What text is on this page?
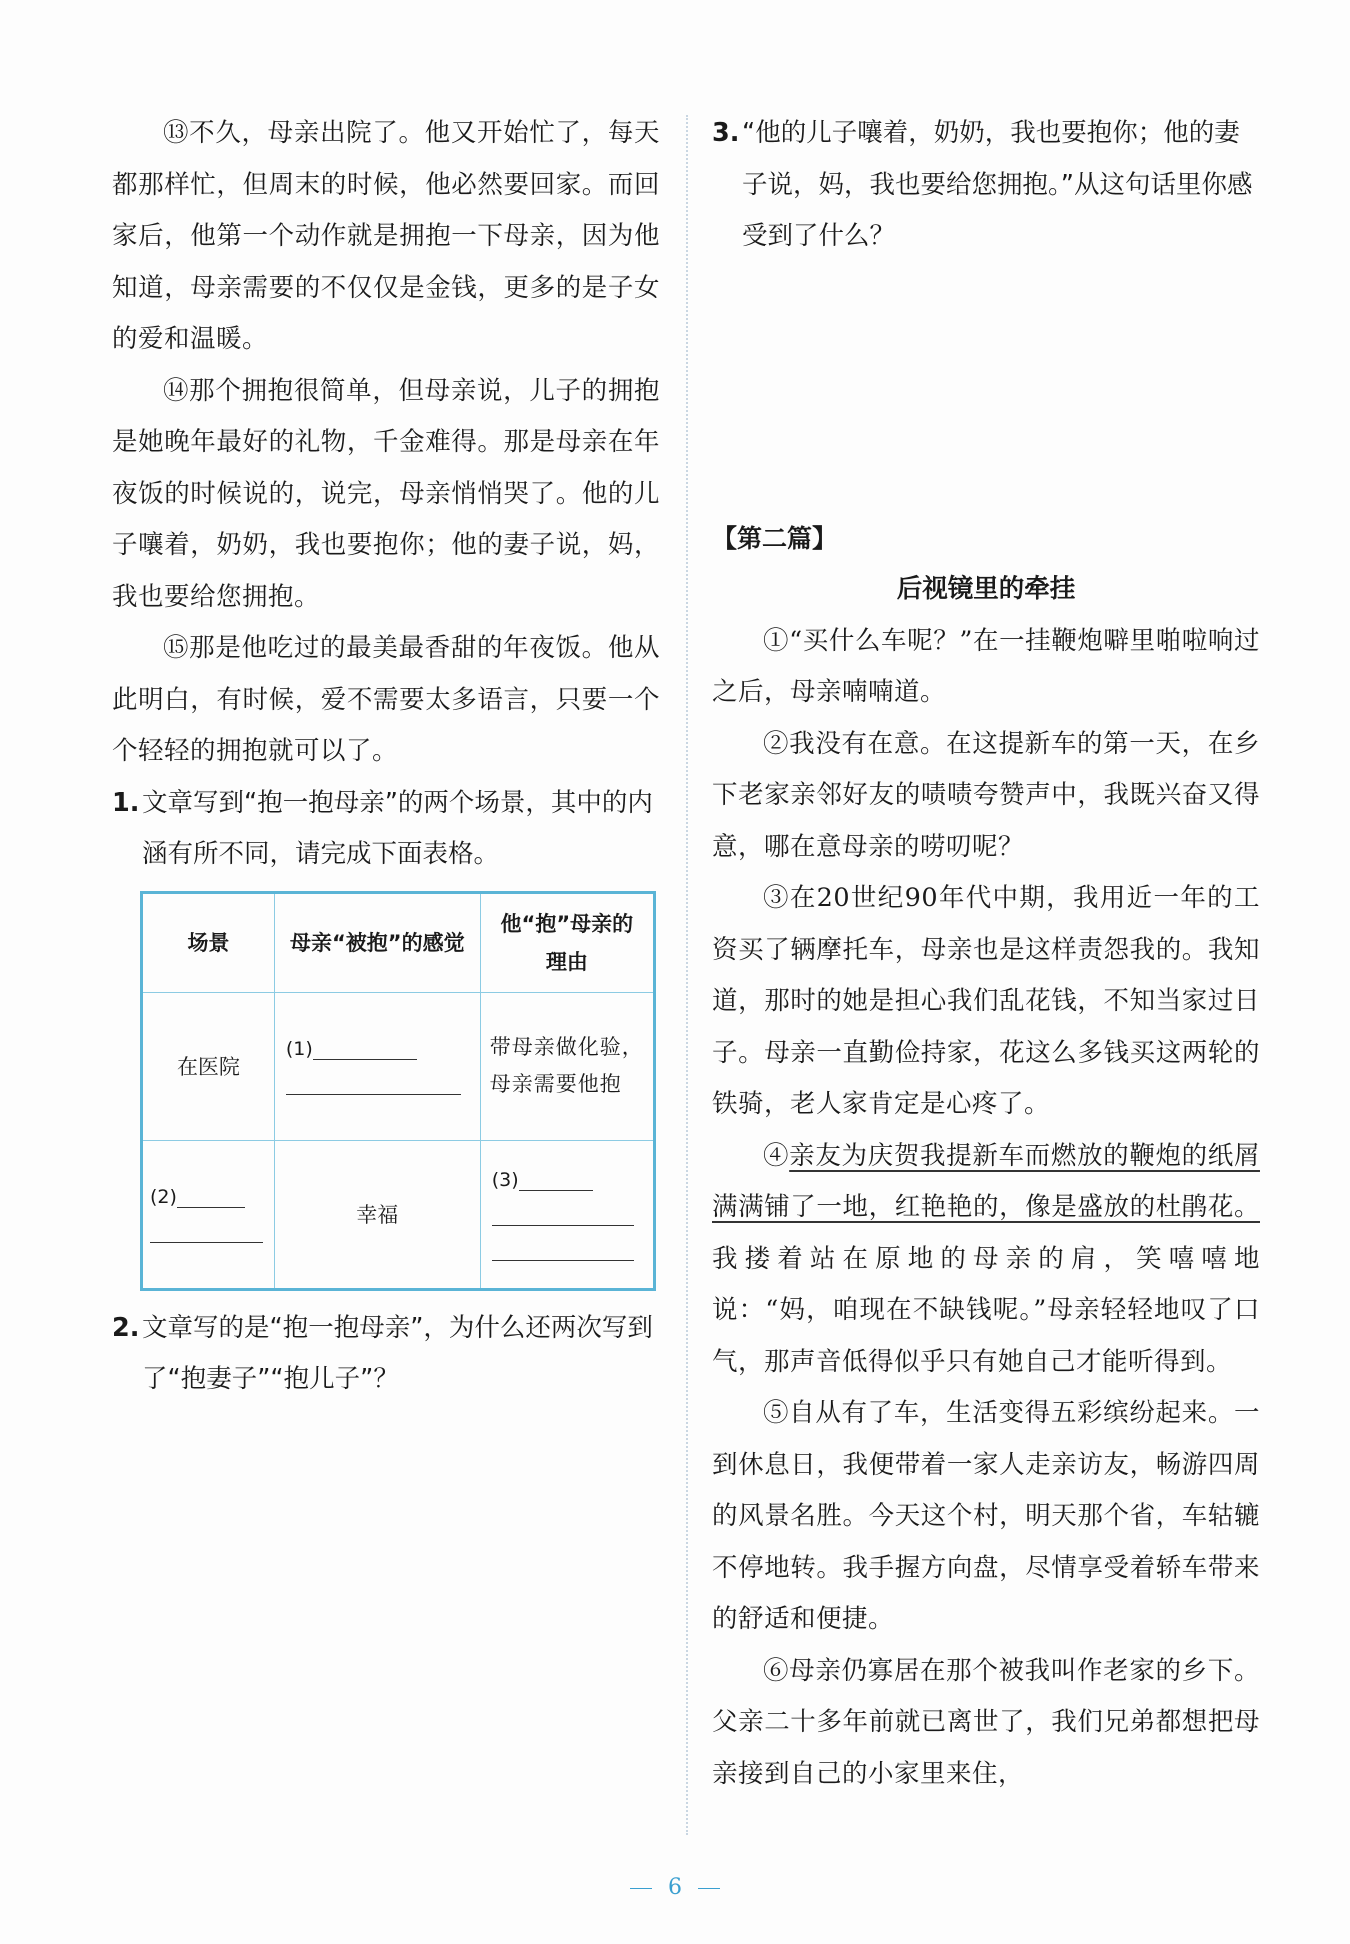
⑬不久，母亲出院了。他又开始忙了，每天都那样忙，但周末的时候，他必然要回家。而回家后，他第一个动作就是拥抱一下母亲，因为他知道，母亲需要的不仅仅是金钱，更多的是子女的爱和温暖。

⑭那个拥抱很简单，但母亲说，儿子的拥抱是她晚年最好的礼物，千金难得。那是母亲在年夜饭的时候说的，说完，母亲悄悄哭了。他的儿子嚷着，奶奶，我也要抱你；他的妻子说，妈，我也要给您拥抱。

⑮那是他吃过的最美最香甜的年夜饭。他从此明白，有时候，爱不需要太多语言，只要一个个轻轻的拥抱就可以了。

1. 文章写到“抱一抱母亲”的两个场景，其中的内涵有所不同，请完成下面表格。
场景	母亲“被抱”的感觉	他“抱”母亲的理由
在医院	(1)	带母亲做化验，母亲需要他抱

(2)	幸福	(3)
2. 文章写的是“抱一抱母亲”，为什么还两次写到了“抱妻子”“抱儿子”？
3. “他的儿子嚷着，奶奶，我也要抱你；他的妻子说，妈，我也要给您拥抱。”从这句话里你感受到了什么？

【第二篇】

后视镜里的牵挂

①“买什么车呢？”在一挂鞭炮噼里啪啦响过之后，母亲喃喃道。

②我没有在意。在这提新车的第一天，在乡下老家亲邻好友的啧啧夸赞声中，我既兴奋又得意，哪在意母亲的唠叨呢？

③在20世纪90年代中期，我用近一年的工资买了辆摩托车，母亲也是这样责怨我的。我知道，那时的她是担心我们乱花钱，不知当家过日子。母亲一直勤俭持家，花这么多钱买这两轮的铁骑，老人家肯定是心疼了。

④亲友为庆贺我提新车而燃放的鞭炮的纸屑满满铺了一地，红艳艳的，像是盛放的杜鹃花。我搂着站在原地的母亲的肩，笑嘻嘻地说：“妈，咱现在不缺钱呢。”母亲轻轻地叹了口气，那声音低得似乎只有她自己才能听得到。

⑤自从有了车，生活变得五彩缤纷起来。一到休息日，我便带着一家人走亲访友，畅游四周的风景名胜。今天这个村，明天那个省，车轱辘不停地转。我手握方向盘，尽情享受着轿车带来的舒适和便捷。

⑥母亲仍寡居在那个被我叫作老家的乡下。父亲二十多年前就已离世了，我们兄弟都想把母亲接到自己的小家里来住，

6
